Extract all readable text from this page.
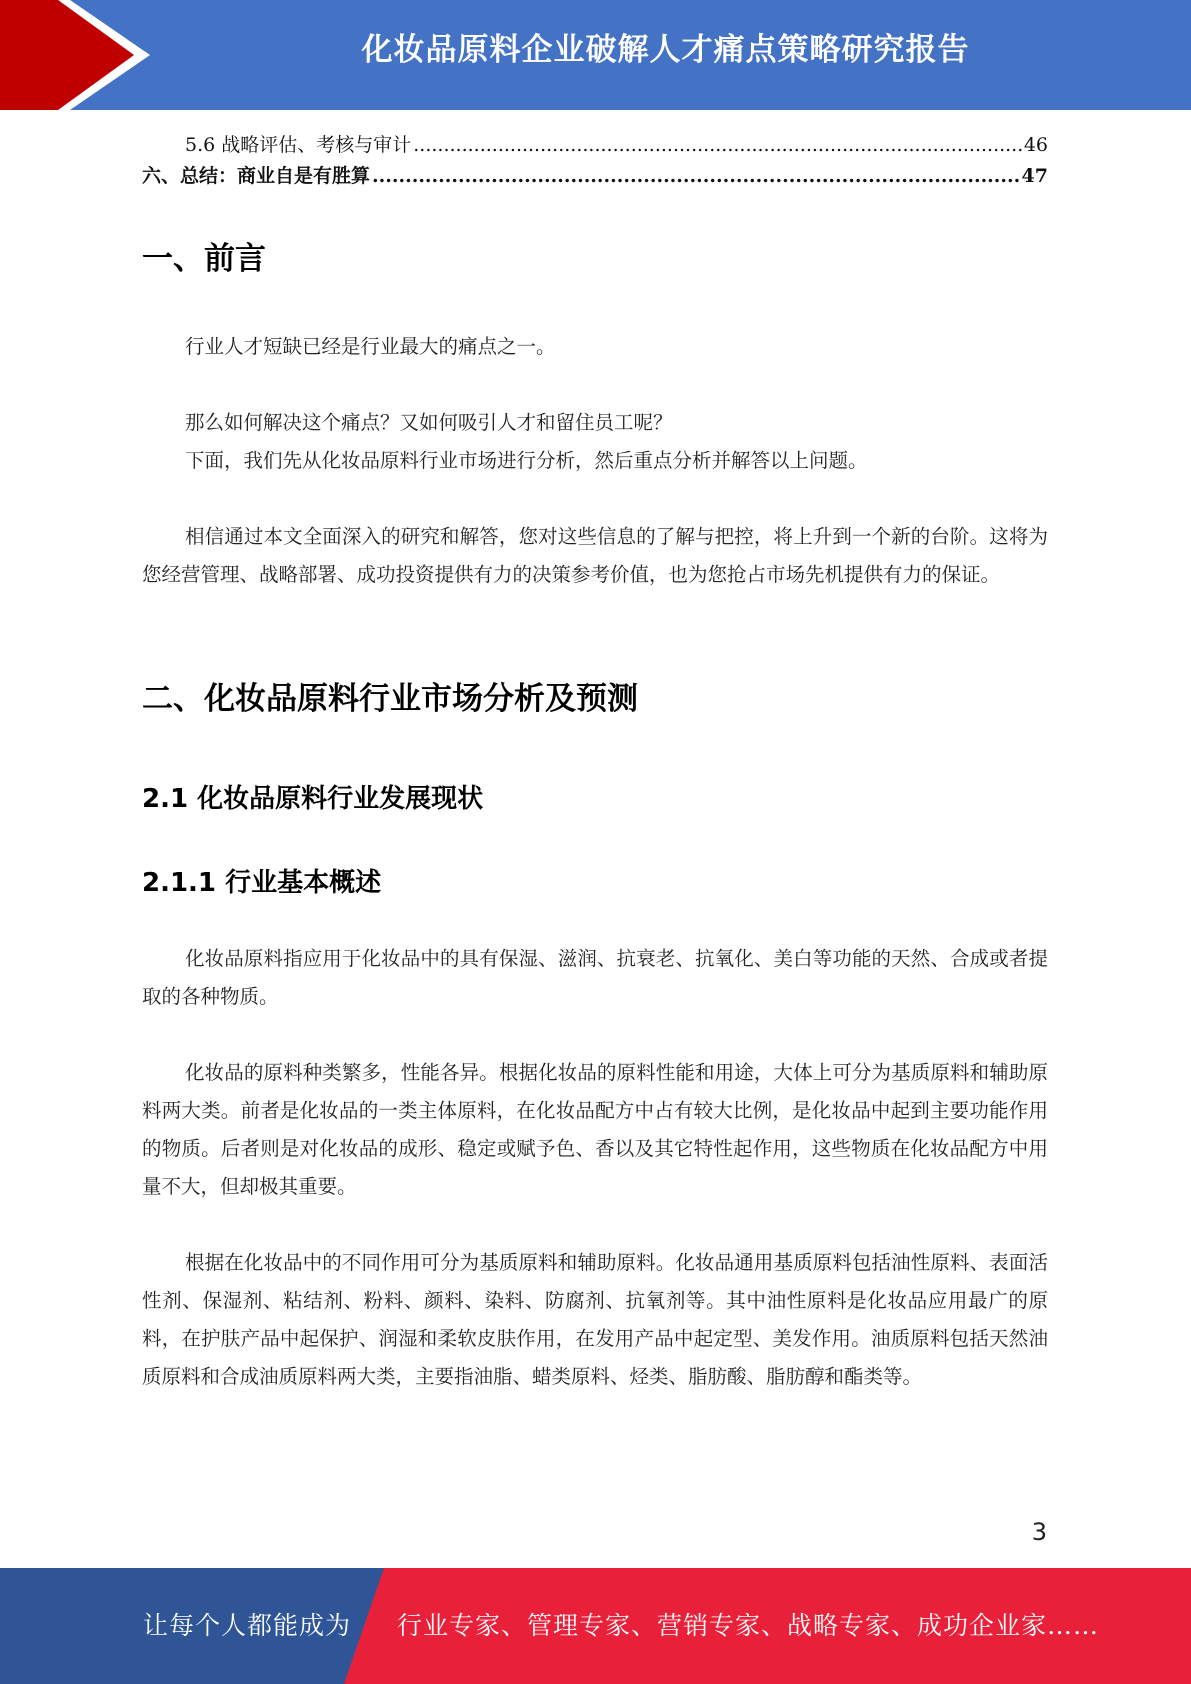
化妆品原料企业破解人才痛点策略研究报告
5.6 战略评估、考核与审计 .....	46
六、总结：商业自是有胜算 .....	47
一、前言

行业人才短缺已经是行业最大的痛点之一。

那么如何解决这个痛点？又如何吸引人才和留住员工呢？

下面，我们先从化妆品原料行业市场进行分析，然后重点分析并解答以上问题。

相信通过本文全面深入的研究和解答，您对这些信息的了解与把控，将上升到一个新的台阶。这将为您经营管理、战略部署、成功投资提供有力的决策参考价值，也为您抢占市场先机提供有力的保证。

二、化妆品原料行业市场分析及预测
2.1 化妆品原料行业发展现状
2.1.1 行业基本概述

化妆品原料指应用于化妆品中的具有保湿、滋润、抗衰老、抗氧化、美白等功能的天然、合成或者提取的各种物质。

化妆品的原料种类繁多，性能各异。根据化妆品的原料性能和用途，大体上可分为基质原料和辅助原料两大类。前者是化妆品的一类主体原料，在化妆品配方中占有较大比例，是化妆品中起到主要功能作用的物质。后者则是对化妆品的成形、稳定或赋予色、香以及其它特性起作用，这些物质在化妆品配方中用量不大，但却极其重要。

根据在化妆品中的不同作用可分为基质原料和辅助原料。化妆品通用基质原料包括油性原料、表面活性剂、保湿剂、粘结剂、粉料、颜料、染料、防腐剂、抗氧剂等。其中油性原料是化妆品应用最广的原料，在护肤产品中起保护、润湿和柔软皮肤作用，在发用产品中起定型、美发作用。油质原料包括天然油质原料和合成油质原料两大类，主要指油脂、蜡类原料、烃类、脂肪酸、脂肪醇和酯类等。

3
让每个人都能成为 行业专家、管理专家、营销专家、战略专家、成功企业家……
